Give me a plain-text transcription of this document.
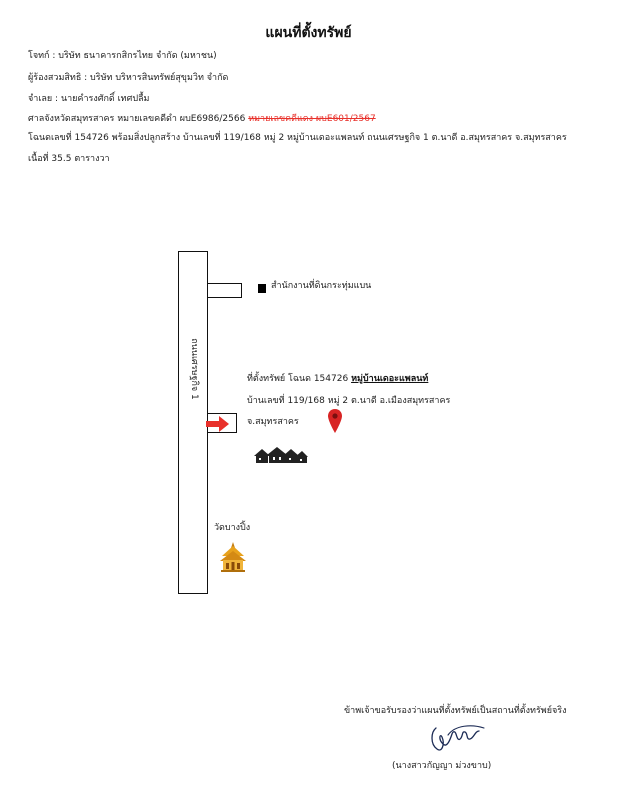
แผนที่ตั้งทรัพย์
โจทก์ : บริษัท ธนาคารกสิกรไทย จำกัด (มหาชน)
ผู้ร้องสวมสิทธิ : บริษัท บริหารสินทรัพย์สุขุมวิท จำกัด
จำเลย : นายคำรงศักดิ์ เทศปลื้ม
ศาลจังหวัดสมุทรสาคร หมายเลขคดีดำ ผบE6986/2566 หมายเลขคดีแดง ผบE601/2567
โฉนดเลขที่ 154726 พร้อมสิ่งปลูกสร้าง บ้านเลขที่ 119/168 หมู่ 2 หมู่บ้านเดอะแพลนท์ ถนนเศรษฐกิจ 1 ต.นาดี อ.สมุทรสาคร จ.สมุทรสาคร
เนื้อที่ 35.5 ตารางวา
ถนนเศรษฐกิจ 1
สำนักงานที่ดินกระทุ่มแบน
ที่ตั้งทรัพย์ โฉนด 154726 หมู่บ้านเดอะแพลนท์
บ้านเลขที่ 119/168 หมู่ 2 ต.นาดี อ.เมืองสมุทรสาคร
จ.สมุทรสาคร
วัดบางปิ้ง
ข้าพเจ้าขอรับรองว่าแผนที่ตั้งทรัพย์เป็นสถานที่ตั้งทรัพย์จริง
(นางสาวกัญญา ม่วงขาบ)
